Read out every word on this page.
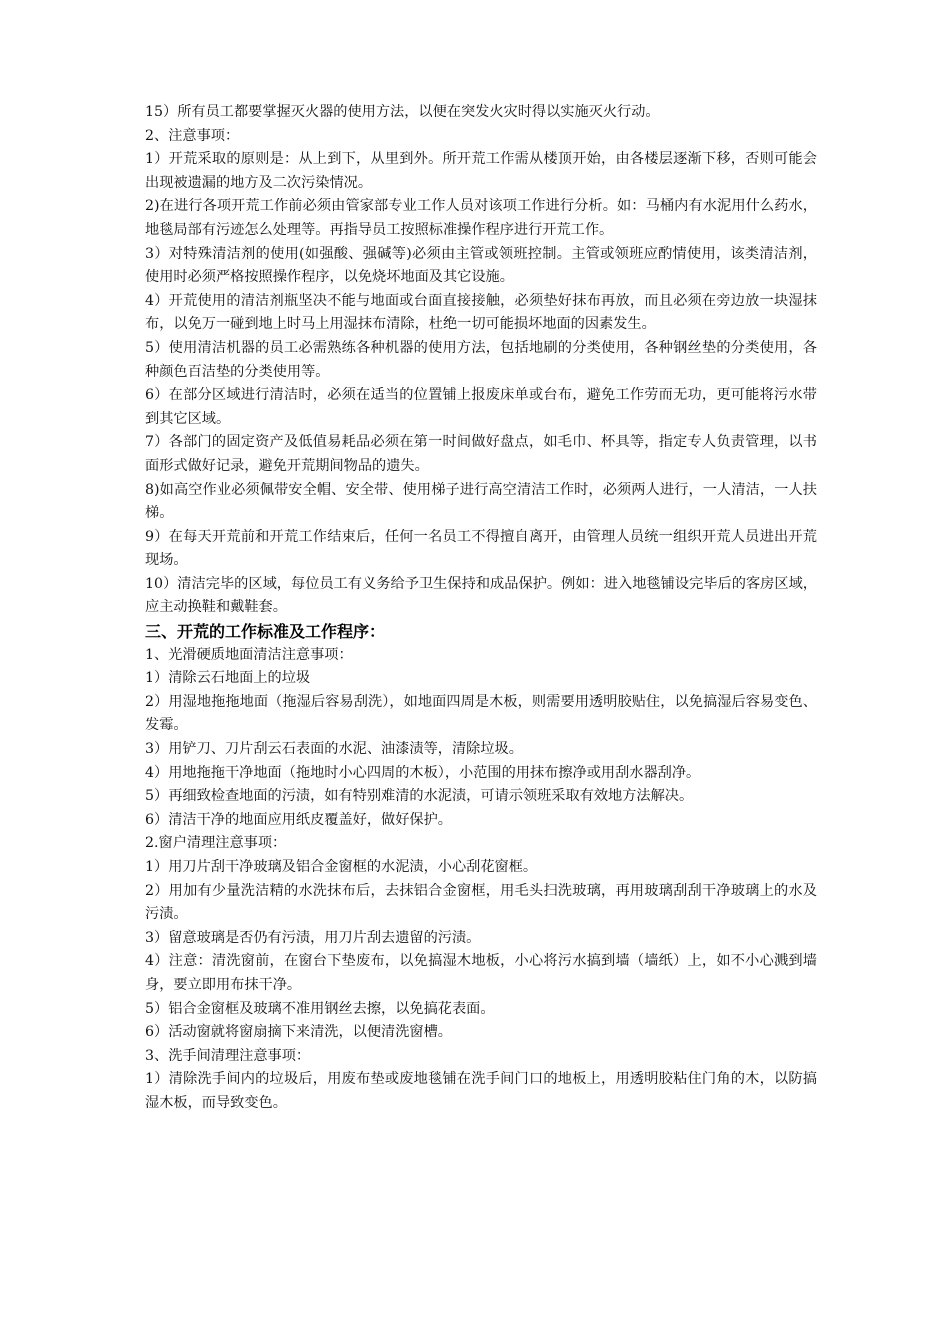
15）所有员工都要掌握灭火器的使用方法，以便在突发火灾时得以实施灭火行动。

2、注意事项：

1）开荒采取的原则是：从上到下，从里到外。所开荒工作需从楼顶开始，由各楼层逐渐下移，否则可能会出现被遗漏的地方及二次污染情况。

2)在进行各项开荒工作前必须由管家部专业工作人员对该项工作进行分析。如：马桶内有水泥用什么药水，地毯局部有污迹怎么处理等。再指导员工按照标准操作程序进行开荒工作。

3）对特殊清洁剂的使用(如强酸、强碱等)必须由主管或领班控制。主管或领班应酌情使用，该类清洁剂，使用时必须严格按照操作程序，以免烧坏地面及其它设施。

4）开荒使用的清洁剂瓶坚决不能与地面或台面直接接触，必须垫好抹布再放，而且必须在旁边放一块湿抹布，以免万一碰到地上时马上用湿抹布清除，杜绝一切可能损坏地面的因素发生。

5）使用清洁机器的员工必需熟练各种机器的使用方法，包括地刷的分类使用，各种钢丝垫的分类使用，各种颜色百洁垫的分类使用等。

6）在部分区域进行清洁时，必须在适当的位置铺上报废床单或台布，避免工作劳而无功，更可能将污水带到其它区域。

7）各部门的固定资产及低值易耗品必须在第一时间做好盘点，如毛巾、杯具等，指定专人负责管理，以书面形式做好记录，避免开荒期间物品的遗失。

8)如高空作业必须佩带安全帽、安全带、使用梯子进行高空清洁工作时，必须两人进行，一人清洁，一人扶梯。

9）在每天开荒前和开荒工作结束后，任何一名员工不得擅自离开，由管理人员统一组织开荒人员进出开荒现场。

10）清洁完毕的区域，每位员工有义务给予卫生保持和成品保护。例如：进入地毯铺设完毕后的客房区域，应主动换鞋和戴鞋套。

三、开荒的工作标准及工作程序：

1、光滑硬质地面清洁注意事项：

1）清除云石地面上的垃圾

2）用湿地拖拖地面（拖湿后容易刮洗），如地面四周是木板，则需要用透明胶贴住，以免搞湿后容易变色、发霉。

3）用铲刀、刀片刮云石表面的水泥、油漆渍等，清除垃圾。

4）用地拖拖干净地面（拖地时小心四周的木板），小范围的用抹布擦净或用刮水器刮净。

5）再细致检查地面的污渍，如有特别难清的水泥渍，可请示领班采取有效地方法解决。

6）清洁干净的地面应用纸皮覆盖好，做好保护。

2.窗户清理注意事项：

1）用刀片刮干净玻璃及铝合金窗框的水泥渍，小心刮花窗框。

2）用加有少量洗洁精的水洗抹布后，去抹铝合金窗框，用毛头扫洗玻璃，再用玻璃刮刮干净玻璃上的水及污渍。

3）留意玻璃是否仍有污渍，用刀片刮去遗留的污渍。

4）注意：清洗窗前，在窗台下垫废布，以免搞湿木地板，小心将污水搞到墙（墙纸）上，如不小心溅到墙身，要立即用布抹干净。

5）铝合金窗框及玻璃不准用钢丝去擦，以免搞花表面。

6）活动窗就将窗扇摘下来清洗，以便清洗窗槽。

3、洗手间清理注意事项：

1）清除洗手间内的垃圾后，用废布垫或废地毯铺在洗手间门口的地板上，用透明胶粘住门角的木，以防搞湿木板，而导致变色。
